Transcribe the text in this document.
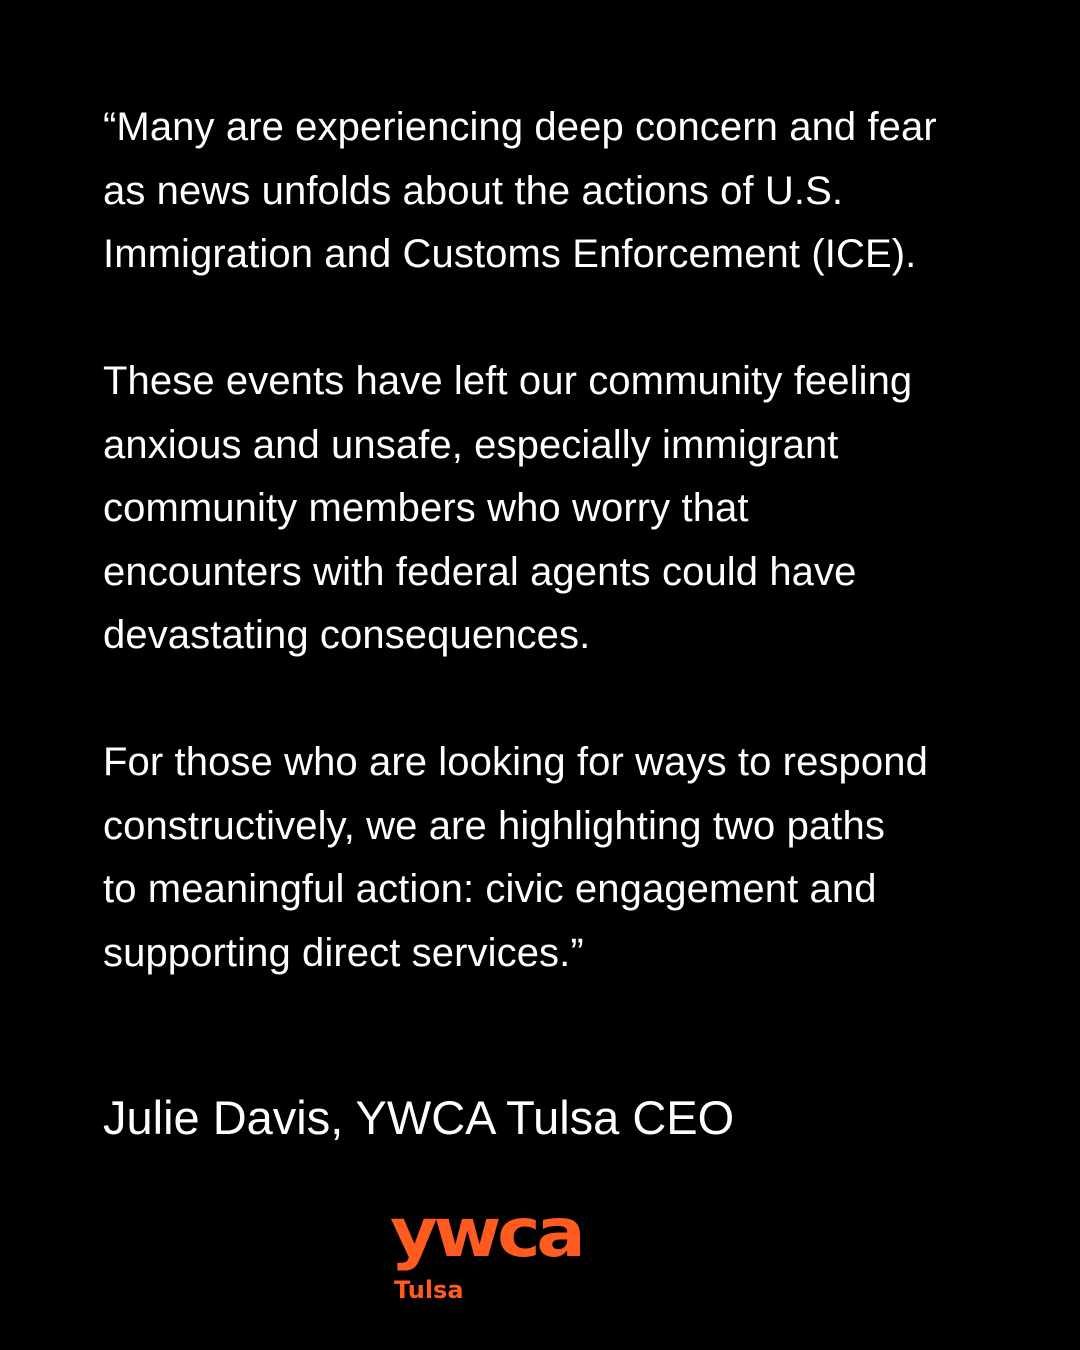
“Many are experiencing deep concern and fear
as news unfolds about the actions of U.S.
Immigration and Customs Enforcement (ICE).

These events have left our community feeling
anxious and unsafe, especially immigrant
community members who worry that
encounters with federal agents could have
devastating consequences.

For those who are looking for ways to respond
constructively, we are highlighting two paths
to meaningful action: civic engagement and
supporting direct services.”

Julie Davis, YWCA Tulsa CEO
ywca
Tulsa
